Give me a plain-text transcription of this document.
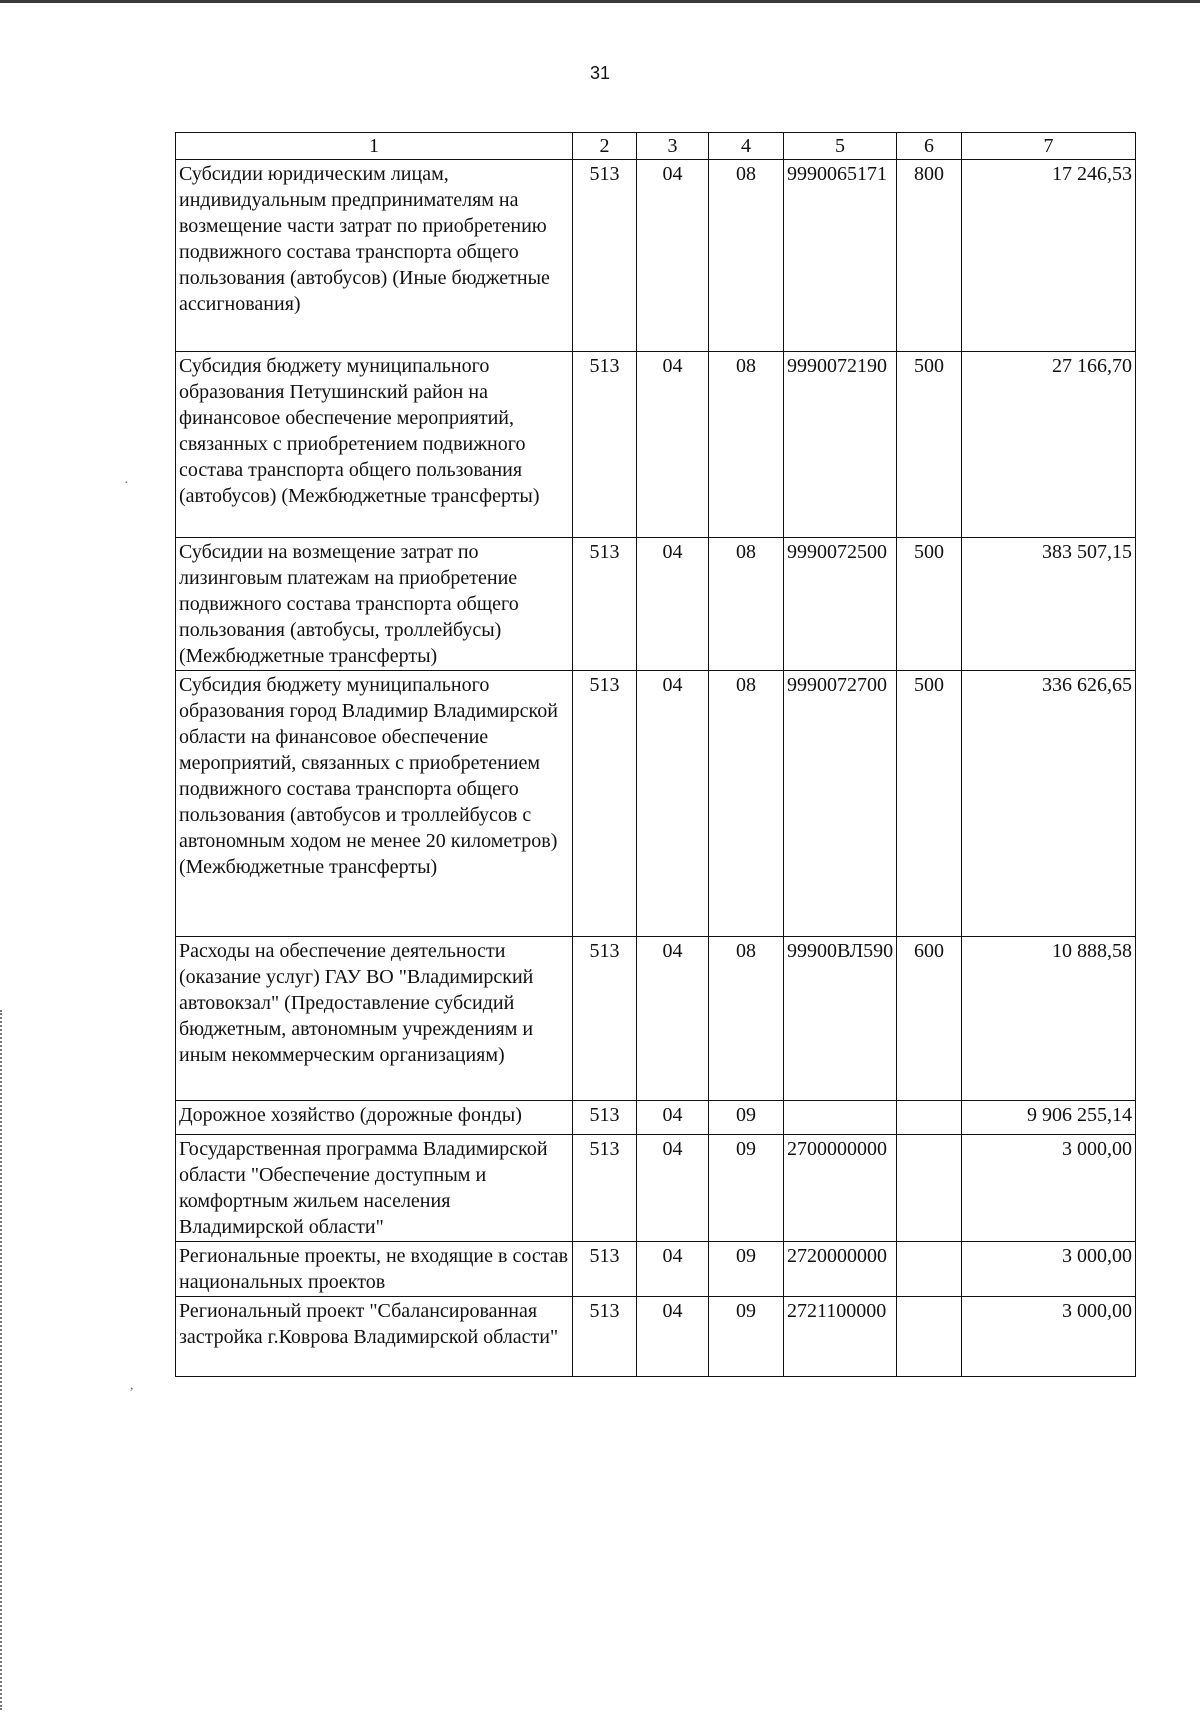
·
,
31
1	2	3	4	5	6	7
Субсидии юридическим лицам, индивидуальным предпринимателям на возмещение части затрат по приобретению подвижного состава транспорта общего пользования (автобусов) (Иные бюджетные ассигнования)	513	04	08	9990065171	800	17 246,53
Субсидия бюджету муниципального образования Петушинский район на финансовое обеспечение мероприятий, связанных с приобретением подвижного состава транспорта общего пользования (автобусов) (Межбюджетные трансферты)	513	04	08	9990072190	500	27 166,70
Субсидии на возмещение затрат по лизинговым платежам на приобретение подвижного состава транспорта общего пользования (автобусы, троллейбусы) (Межбюджетные трансферты)	513	04	08	9990072500	500	383 507,15
Субсидия бюджету муниципального образования город Владимир Владимирской области на финансовое обеспечение мероприятий, связанных с приобретением подвижного состава транспорта общего пользования (автобусов и троллейбусов с автономным ходом не менее 20 километров) (Межбюджетные трансферты)	513	04	08	9990072700	500	336 626,65
Расходы на обеспечение деятельности (оказание услуг) ГАУ ВО "Владимирский автовокзал" (Предоставление субсидий бюджетным, автономным учреждениям и иным некоммерческим организациям)	513	04	08	99900ВЛ590	600	10 888,58
Дорожное хозяйство (дорожные фонды)	513	04	09			9 906 255,14
Государственная программа Владимирской области "Обеспечение доступным и комфортным жильем населения Владимирской области"	513	04	09	2700000000		3 000,00
Региональные проекты, не входящие в состав национальных проектов	513	04	09	2720000000		3 000,00
Региональный проект "Сбалансированная застройка г.Коврова Владимирской области"	513	04	09	2721100000		3 000,00
